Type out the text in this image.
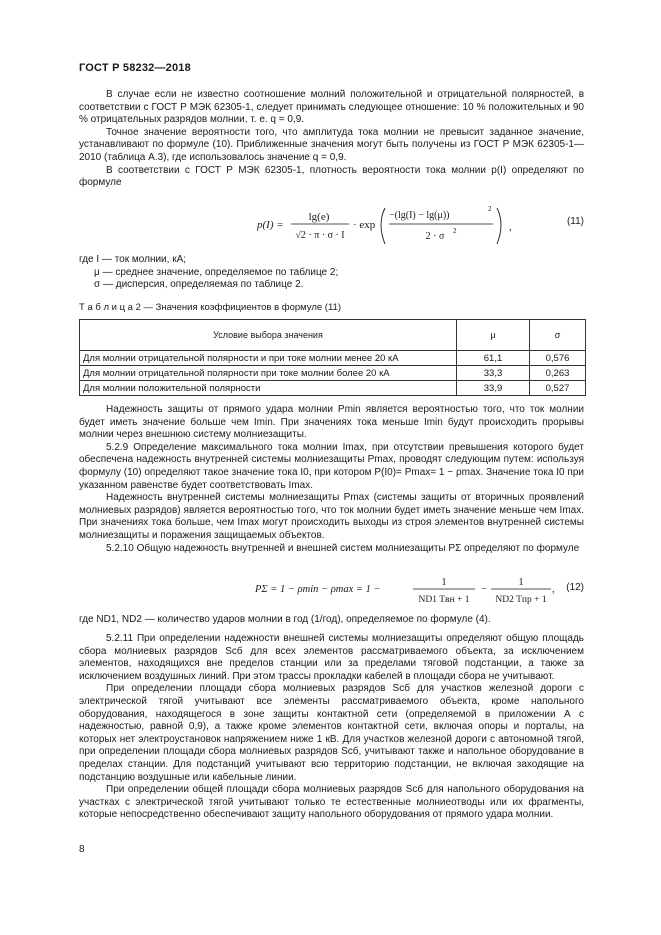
ГОСТ Р 58232—2018

В случае если не известно соотношение молний положительной и отрицательной полярностей, в соответствии с ГОСТ Р МЭК 62305-1, следует принимать следующее отношение: 10 % положительных и 90 % отрицательных разрядов молнии, т. е. q = 0,9.

Точное значение вероятности того, что амплитуда тока молнии не превысит заданное значение, устанавливают по формуле (10). Приближенные значения могут быть получены из ГОСТ Р МЭК 62305-1—2010 (таблица А.3), где использовалось значение q = 0,9.

В соответствии с ГОСТ Р МЭК 62305-1, плотность вероятности тока молнии p(I) определяют по формуле

p(I) =
lg(e)
√2 · π · σ · I
· exp
−(lg(I) − lg(μ))
2
2 · σ 2	,	(11)

где I — ток молнии, кА;

μ — среднее значение, определяемое по таблице 2;

σ — дисперсия, определяемая по таблице 2.

Т а б л и ц а 2 — Значения коэффициентов в формуле (11)
Условие выбора значения	μ	σ
Для молнии отрицательной полярности и при токе молнии менее 20 кА	61,1	0,576
Для молнии отрицательной полярности при токе молнии более 20 кА	33,3	0,263
Для молнии положительной полярности	33,9	0,527

Надежность защиты от прямого удара молнии Pmin является вероятностью того, что ток молнии будет иметь значение больше чем Imin. При значениях тока меньше Imin будут происходить прорывы молнии через внешнюю систему молниезащиты.

5.2.9 Определение максимального тока молнии Imax, при отсутствии превышения которого будет обеспечена надежность внутренней системы молниезащиты Pmax, проводят следующим путем: используя формулу (10) определяют такое значение тока I0, при котором P(I0)= Pmax= 1 − ρmax. Значение тока I0 при указанном равенстве будет соответствовать Imax.

Надежность внутренней системы молниезащиты Pmax (системы защиты от вторичных проявлений молниевых разрядов) является вероятностью того, что ток молнии будет иметь значение меньше чем Imax. При значениях тока больше, чем Imax могут происходить выходы из строя элементов внутренней системы молниезащиты и поражения защищаемых объектов.

5.2.10 Общую надежность внутренней и внешней систем молниезащиты PΣ определяют по формуле

PΣ = 1 − ρmin − ρmax = 1 −
1
ND1 Tвн + 1
−
1
ND2 Tпр + 1
, (12)

где ND1, ND2 — количество ударов молнии в год (1/год), определяемое по формуле (4).

5.2.11 При определении надежности внешней системы молниезащиты определяют общую площадь сбора молниевых разрядов Sсб для всех элементов рассматриваемого объекта, за исключением элементов, находящихся вне пределов станции или за пределами тяговой подстанции, а также за исключением воздушных линий. При этом трассы прокладки кабелей в площади сбора не учитывают.

При определении площади сбора молниевых разрядов Sсб для участков железной дороги с электрической тягой учитывают все элементы рассматриваемого объекта, кроме напольного оборудования, находящегося в зоне защиты контактной сети (определяемой в приложении А с надежностью, равной 0,9), а также кроме элементов контактной сети, включая опоры и порталы, на которых нет электроустановок напряжением ниже 1 кВ. Для участков железной дороги с автономной тягой, при определении площади сбора молниевых разрядов Sсб, учитывают также и напольное оборудование в пределах станции. Для подстанций учитывают всю территорию подстанции, не включая заходящие на подстанцию воздушные или кабельные линии.

При определении общей площади сбора молниевых разрядов Sсб для напольного оборудования на участках с электрической тягой учитывают только те естественные молниеотводы или их фрагменты, которые непосредственно обеспечивают защиту напольного оборудования от прямого удара молнии.

8
